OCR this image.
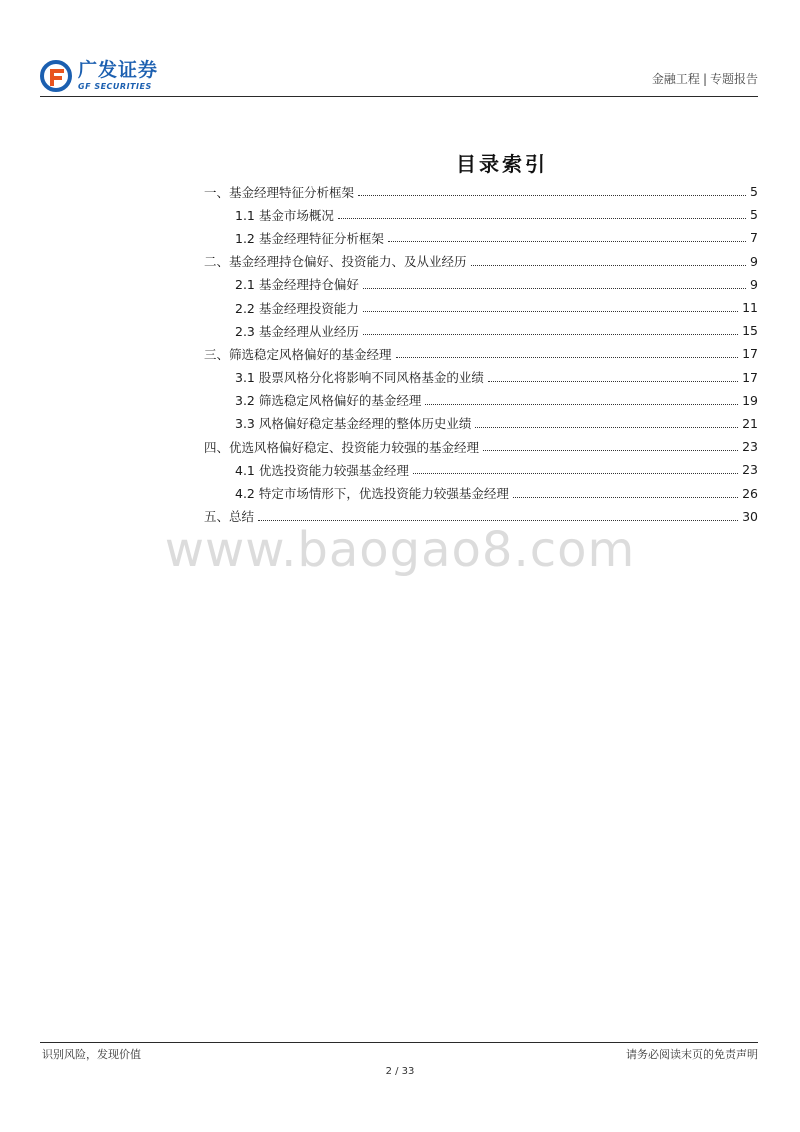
广发证券
GF SECURITIES
金融工程 | 专题报告
目录索引
一、基金经理特征分析框架	5
1.1 基金市场概况	5
1.2 基金经理特征分析框架	7
二、基金经理持仓偏好、投资能力、及从业经历	9
2.1 基金经理持仓偏好	9
2.2 基金经理投资能力	11
2.3 基金经理从业经历	15
三、筛选稳定风格偏好的基金经理	17
3.1 股票风格分化将影响不同风格基金的业绩	17
3.2 筛选稳定风格偏好的基金经理	19
3.3 风格偏好稳定基金经理的整体历史业绩	21
四、优选风格偏好稳定、投资能力较强的基金经理	23
4.1 优选投资能力较强基金经理	23
4.2 特定市场情形下，优选投资能力较强基金经理	26
五、总结	30
www.baogao8.com
识别风险，发现价值	请务必阅读末页的免责声明
2 / 33
